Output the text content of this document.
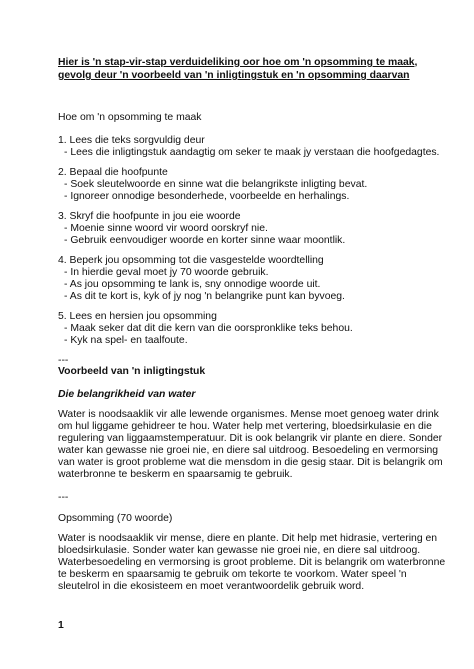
Hier is 'n stap-vir-stap verduideliking oor hoe om 'n opsomming te maak,
gevolg deur 'n voorbeeld van 'n inligtingstuk en 'n opsomming daarvan
Hoe om 'n opsomming te maak
1. Lees die teks sorgvuldig deur
- Lees die inligtingstuk aandagtig om seker te maak jy verstaan die hoofgedagtes.
2. Bepaal die hoofpunte
- Soek sleutelwoorde en sinne wat die belangrikste inligting bevat.
- Ignoreer onnodige besonderhede, voorbeelde en herhalings.
3. Skryf die hoofpunte in jou eie woorde
- Moenie sinne woord vir woord oorskryf nie.
- Gebruik eenvoudiger woorde en korter sinne waar moontlik.
4. Beperk jou opsomming tot die vasgestelde woordtelling
- In hierdie geval moet jy 70 woorde gebruik.
- As jou opsomming te lank is, sny onnodige woorde uit.
- As dit te kort is, kyk of jy nog 'n belangrike punt kan byvoeg.
5. Lees en hersien jou opsomming
- Maak seker dat dit die kern van die oorspronklike teks behou.
- Kyk na spel- en taalfoute.
---
Voorbeeld van 'n inligtingstuk
Die belangrikheid van water
Water is noodsaaklik vir alle lewende organismes. Mense moet genoeg water drink
om hul liggame gehidreer te hou. Water help met vertering, bloedsirkulasie en die
regulering van liggaamstemperatuur. Dit is ook belangrik vir plante en diere. Sonder
water kan gewasse nie groei nie, en diere sal uitdroog. Besoedeling en vermorsing
van water is groot probleme wat die mensdom in die gesig staar. Dit is belangrik om
waterbronne te beskerm en spaarsamig te gebruik.
---
Opsomming (70 woorde)
Water is noodsaaklik vir mense, diere en plante. Dit help met hidrasie, vertering en
bloedsirkulasie. Sonder water kan gewasse nie groei nie, en diere sal uitdroog.
Waterbesoedeling en vermorsing is groot probleme. Dit is belangrik om waterbronne
te beskerm en spaarsamig te gebruik om tekorte te voorkom. Water speel 'n
sleutelrol in die ekosisteem en moet verantwoordelik gebruik word.
1
